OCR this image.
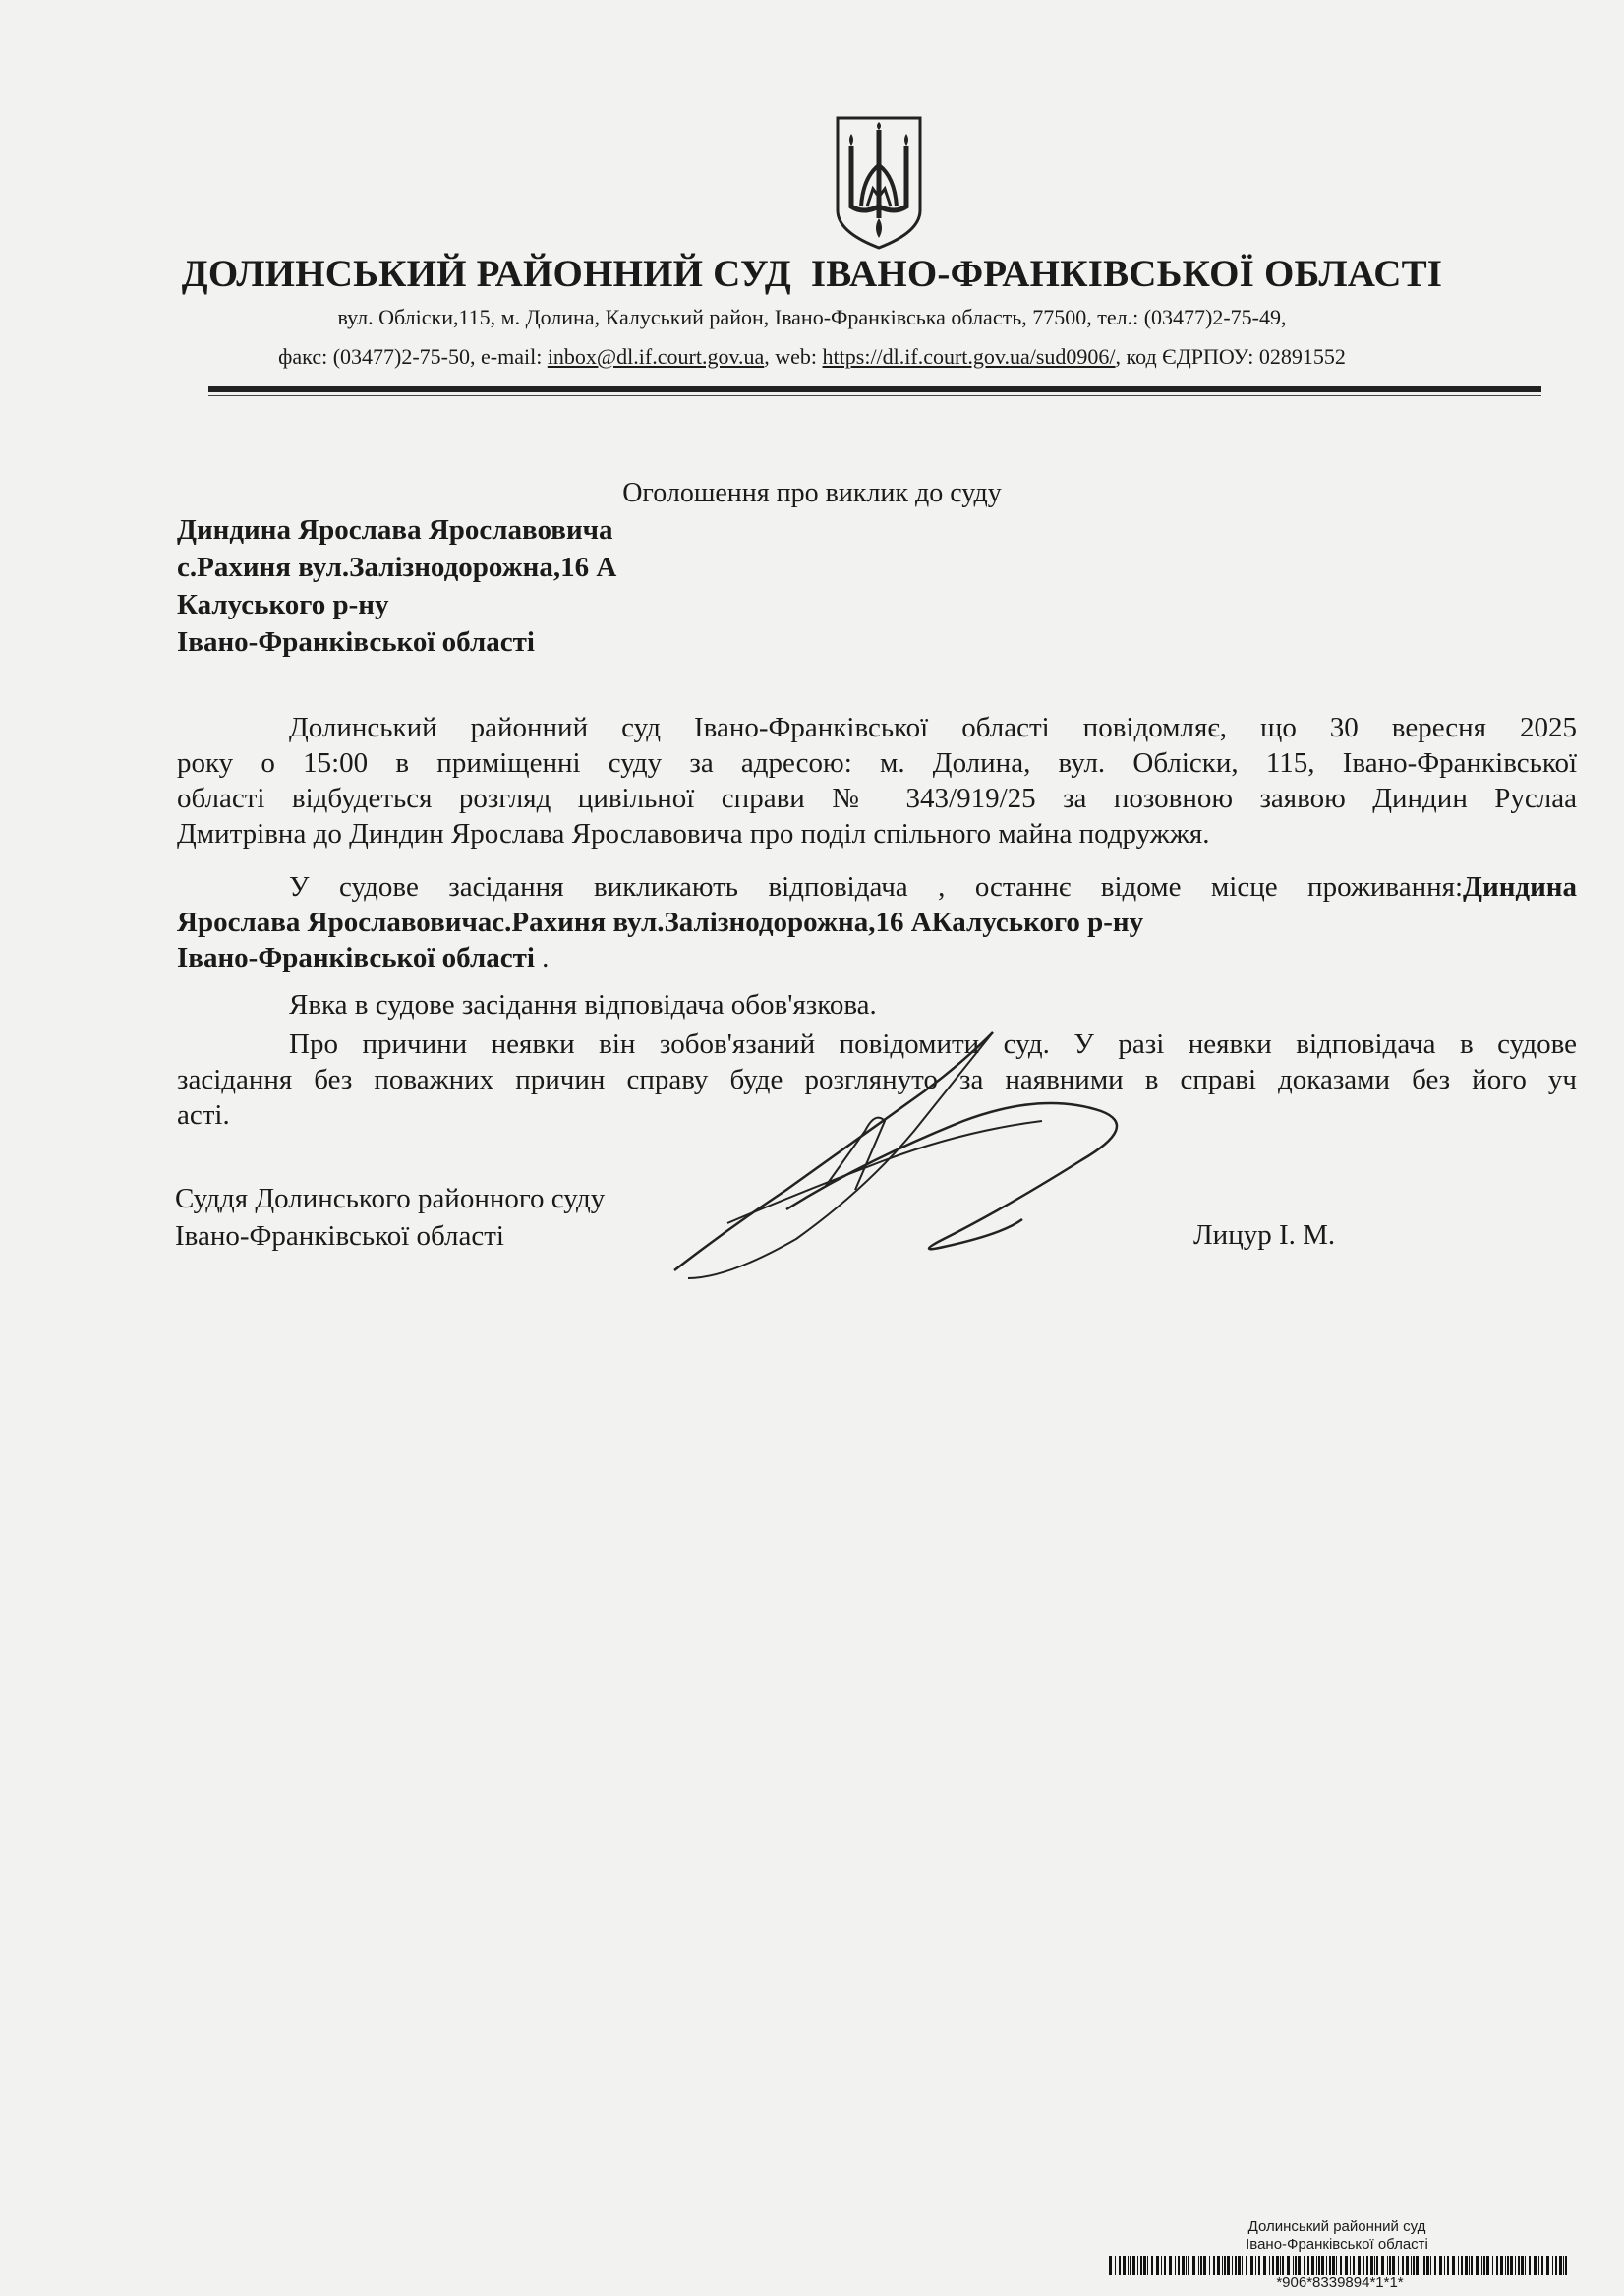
ДОЛИНСЬКИЙ РАЙОННИЙ СУД  ІВАНО-ФРАНКІВСЬКОЇ ОБЛАСТІ
вул. Обліски,115, м. Долина, Калуський район, Івано-Франківська область, 77500, тел.: (03477)2-75-49,
факс: (03477)2-75-50, e-mail: inbox@dl.if.court.gov.ua, web: https://dl.if.court.gov.ua/sud0906/, код ЄДРПОУ: 02891552
Оголошення про виклик до суду
Диндина Ярослава Ярославовича
с.Рахиня вул.Залізнодорожна,16 А
Калуського р-ну
Івано-Франківської області
Долинський районний суд Івано-Франківської області повідомляє, що 30 вересня 2025
року о 15:00 в приміщенні суду за адресою: м. Долина, вул. Обліски, 115, Івано-Франківської
області відбудеться розгляд цивільної справи № 343/919/25 за позовною заявою Диндин Руслаа
Дмитрівна до Диндин Ярослава Ярославовича про поділ спільного майна подружжя.
У судове засідання викликають відповідача , останнє відоме місце проживання:Диндина
Ярослава Ярославовичас.Рахиня вул.Залізнодорожна,16 АКалуського р-ну
Івано-Франківської області .
Явка в судове засідання відповідача обов'язкова.
Про причини неявки він зобов'язаний повідомити суд. У разі неявки відповідача в судове
засідання без поважних причин справу буде розглянуто за наявними в справі доказами без його уч
асті.
Суддя Долинського районного суду
Івано-Франківської області	Лицур І. М.
Долинський районний суд
Івано-Франківської області
*906*8339894*1*1*
